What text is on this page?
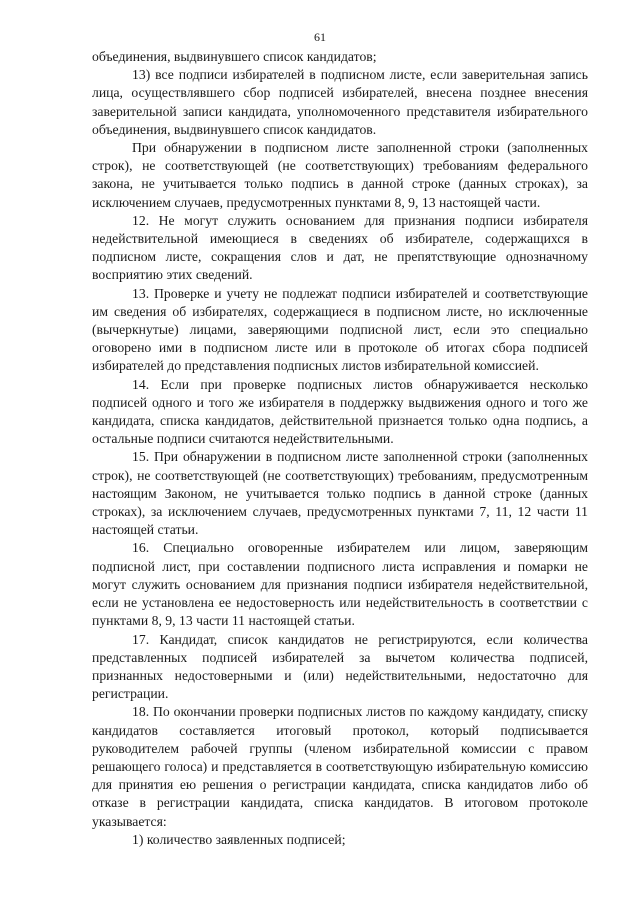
61

объединения, выдвинувшего список кандидатов;

13) все подписи избирателей в подписном листе, если заверительная запись лица, осуществлявшего сбор подписей избирателей, внесена позднее внесения заверительной записи кандидата, уполномоченного представителя избирательного объединения, выдвинувшего список кандидатов.

При обнаружении в подписном листе заполненной строки (заполненных строк), не соответствующей (не соответствующих) требованиям федерального закона, не учитывается только подпись в данной строке (данных строках), за исключением случаев, предусмотренных пунктами 8, 9, 13 настоящей части.

12. Не могут служить основанием для признания подписи избирателя недействительной имеющиеся в сведениях об избирателе, содержащихся в подписном листе, сокращения слов и дат, не препятствующие однозначному восприятию этих сведений.

13. Проверке и учету не подлежат подписи избирателей и соответствующие им сведения об избирателях, содержащиеся в подписном листе, но исключенные (вычеркнутые) лицами, заверяющими подписной лист, если это специально оговорено ими в подписном листе или в протоколе об итогах сбора подписей избирателей до представления подписных листов избирательной комиссией.

14. Если при проверке подписных листов обнаруживается несколько подписей одного и того же избирателя в поддержку выдвижения одного и того же кандидата, списка кандидатов, действительной признается только одна подпись, а остальные подписи считаются недействительными.

15. При обнаружении в подписном листе заполненной строки (заполненных строк), не соответствующей (не соответствующих) требованиям, предусмотренным настоящим Законом, не учитывается только подпись в данной строке (данных строках), за исключением случаев, предусмотренных пунктами 7, 11, 12 части 11 настоящей статьи.

16. Специально оговоренные избирателем или лицом, заверяющим подписной лист, при составлении подписного листа исправления и помарки не могут служить основанием для признания подписи избирателя недействительной, если не установлена ее недостоверность или недействительность в соответствии с пунктами 8, 9, 13 части 11 настоящей статьи.

17. Кандидат, список кандидатов не регистрируются, если количества представленных подписей избирателей за вычетом количества подписей, признанных недостоверными и (или) недействительными, недостаточно для регистрации.

18. По окончании проверки подписных листов по каждому кандидату, списку кандидатов составляется итоговый протокол, который подписывается руководителем рабочей группы (членом избирательной комиссии с правом решающего голоса) и представляется в соответствующую избирательную комиссию для принятия ею решения о регистрации кандидата, списка кандидатов либо об отказе в регистрации кандидата, списка кандидатов. В итоговом протоколе указывается:

1) количество заявленных подписей;
